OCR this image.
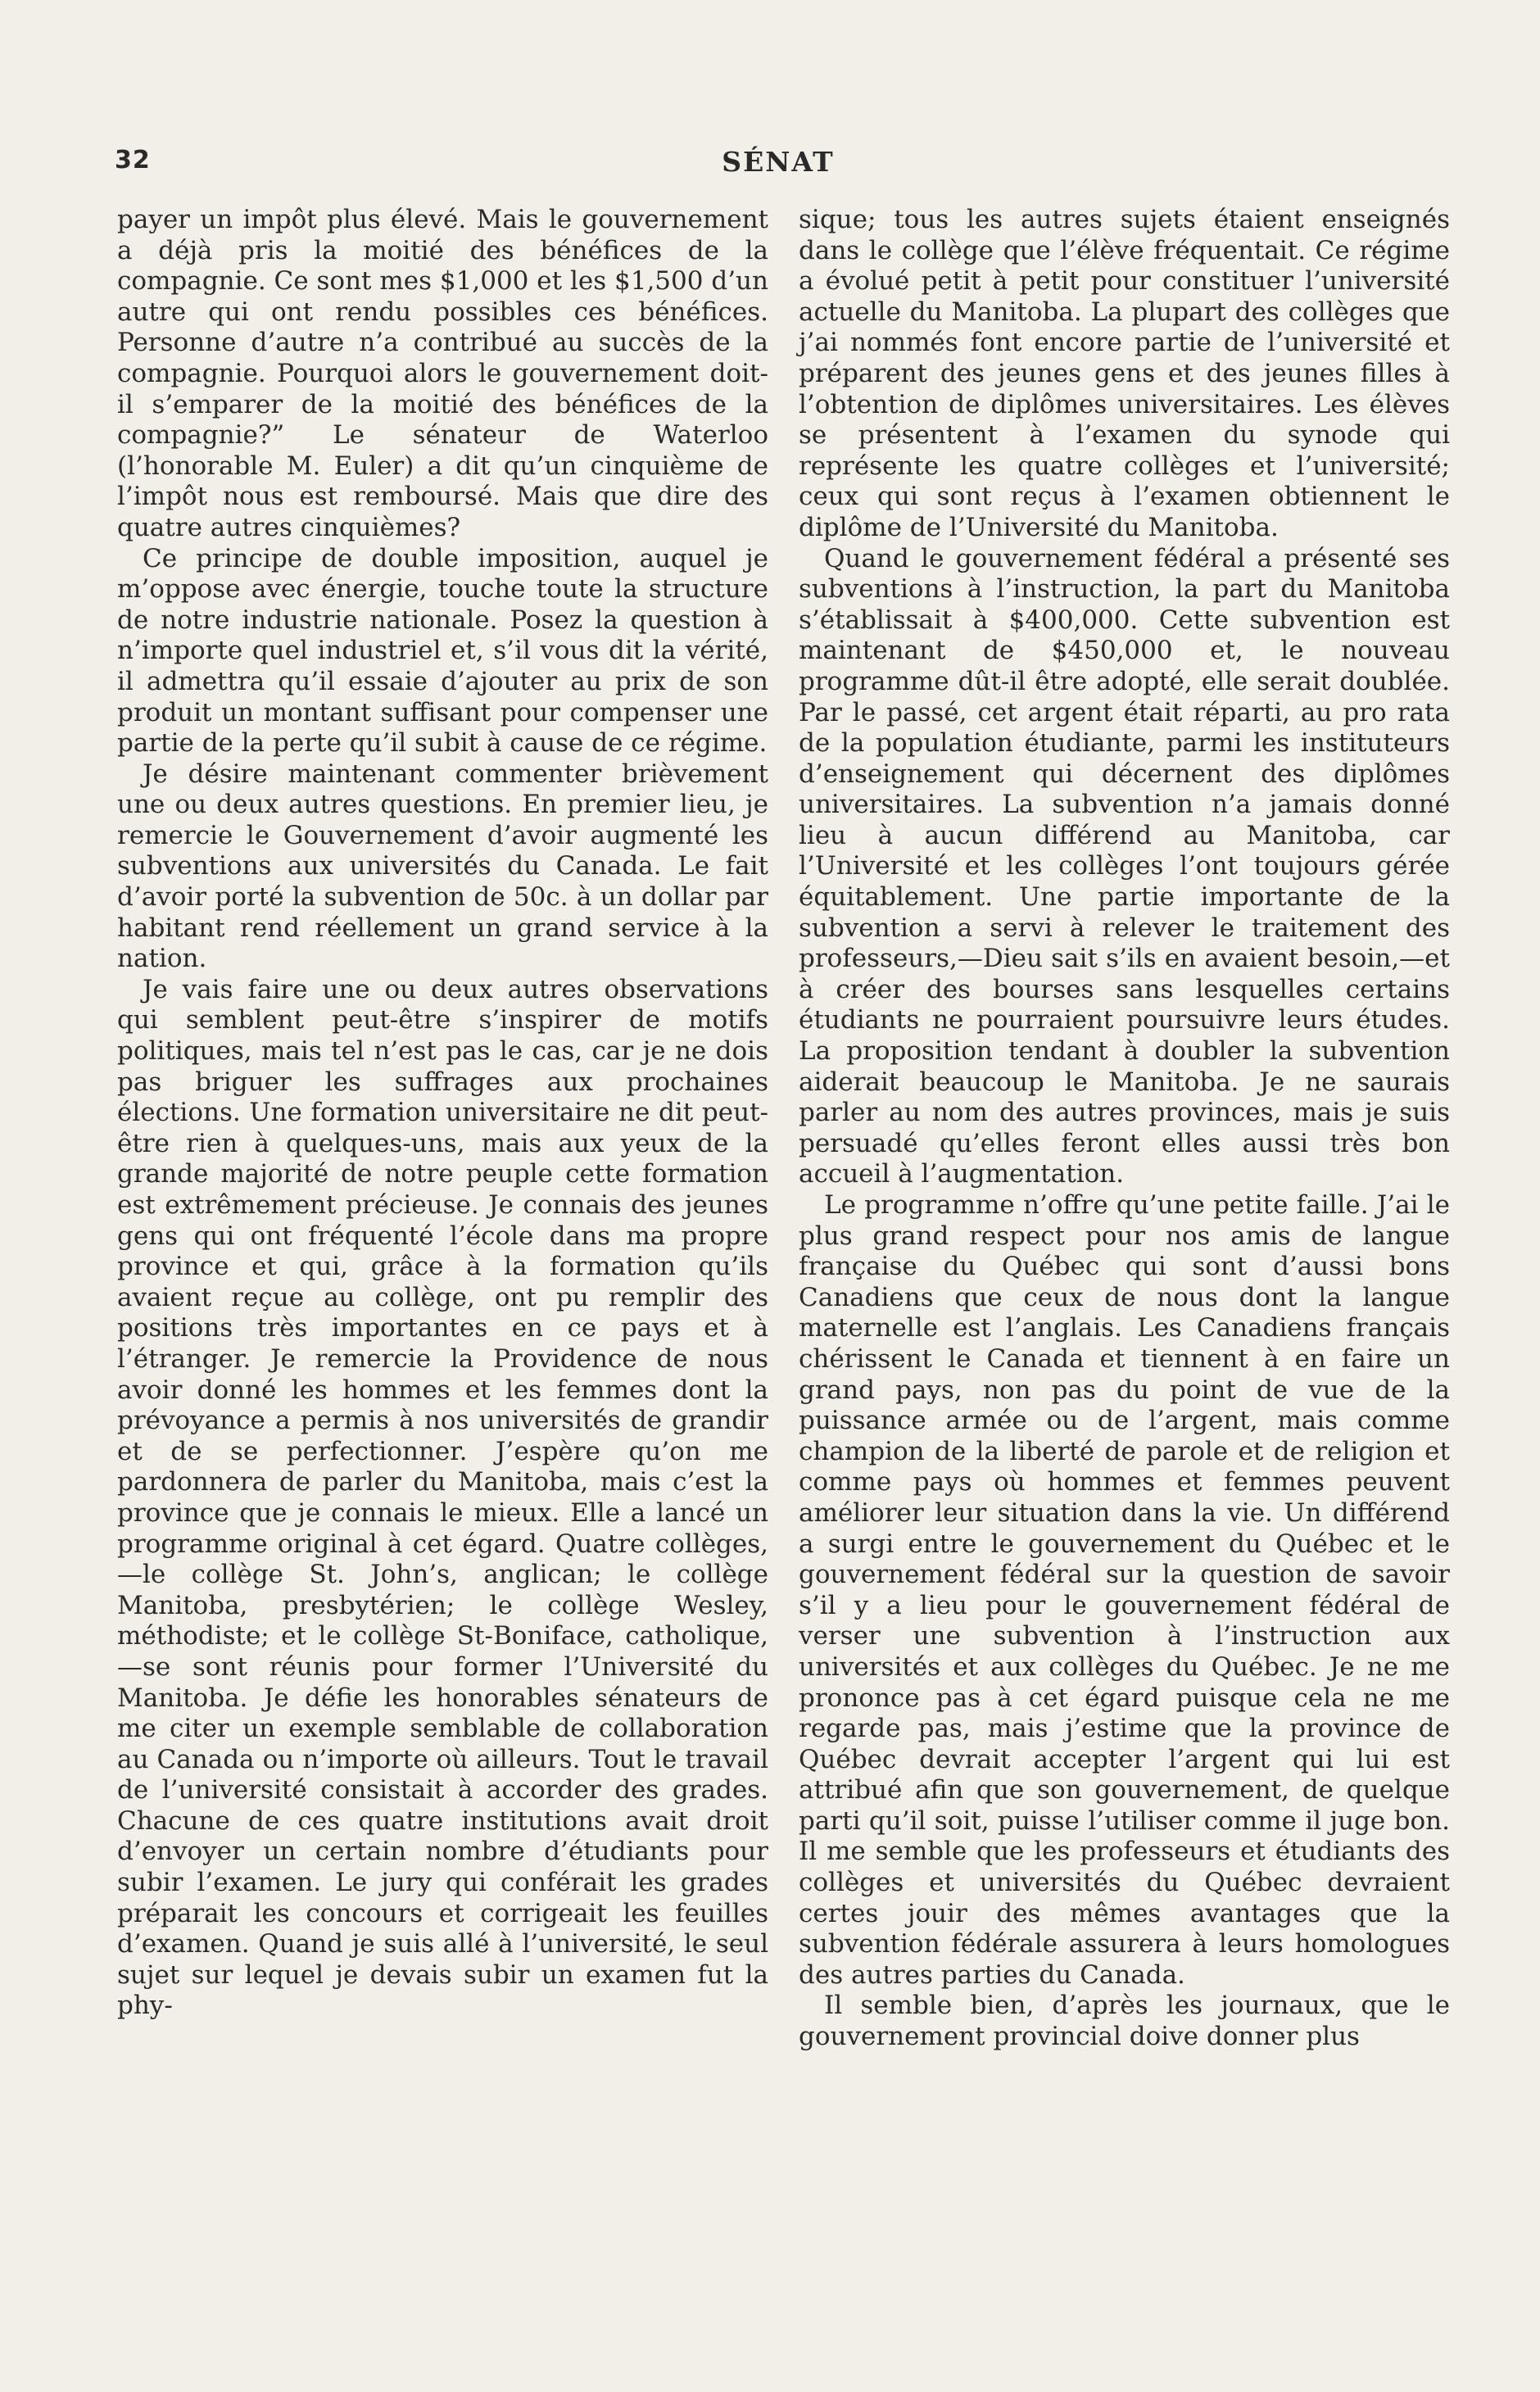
32	SÉNAT

payer un impôt plus élevé. Mais le gouvernement a déjà pris la moitié des bénéfices de la compagnie. Ce sont mes $1,000 et les $1,500 d’un autre qui ont rendu possibles ces bénéfices. Personne d’autre n’a contribué au succès de la compagnie. Pourquoi alors le gouvernement doit-il s’emparer de la moitié des bénéfices de la compagnie?” Le sénateur de Waterloo (l’honorable M. Euler) a dit qu’un cinquième de l’impôt nous est remboursé. Mais que dire des quatre autres cinquièmes?

Ce principe de double imposition, auquel je m’oppose avec énergie, touche toute la structure de notre industrie nationale. Posez la question à n’importe quel industriel et, s’il vous dit la vérité, il admettra qu’il essaie d’ajouter au prix de son produit un montant suffisant pour compenser une partie de la perte qu’il subit à cause de ce régime.

Je désire maintenant commenter brièvement une ou deux autres questions. En premier lieu, je remercie le Gouvernement d’avoir augmenté les subventions aux universités du Canada. Le fait d’avoir porté la subvention de 50c. à un dollar par habitant rend réellement un grand service à la nation.

Je vais faire une ou deux autres observations qui semblent peut-être s’inspirer de motifs politiques, mais tel n’est pas le cas, car je ne dois pas briguer les suffrages aux prochaines élections. Une formation universitaire ne dit peut-être rien à quelques-uns, mais aux yeux de la grande majorité de notre peuple cette formation est extrêmement précieuse. Je connais des jeunes gens qui ont fréquenté l’école dans ma propre province et qui, grâce à la formation qu’ils avaient reçue au collège, ont pu remplir des positions très importantes en ce pays et à l’étranger. Je remercie la Providence de nous avoir donné les hommes et les femmes dont la prévoyance a permis à nos universités de grandir et de se perfectionner. J’espère qu’on me pardonnera de parler du Manitoba, mais c’est la province que je connais le mieux. Elle a lancé un programme original à cet égard. Quatre collèges,—le collège St. John’s, anglican; le collège Manitoba, presbytérien; le collège Wesley, méthodiste; et le collège St-Boniface, catholique,—se sont réunis pour former l’Université du Manitoba. Je défie les honorables sénateurs de me citer un exemple semblable de collaboration au Canada ou n’importe où ailleurs. Tout le travail de l’université consistait à accorder des grades. Chacune de ces quatre institutions avait droit d’envoyer un certain nombre d’étudiants pour subir l’examen. Le jury qui conférait les grades préparait les concours et corrigeait les feuilles d’examen. Quand je suis allé à l’université, le seul sujet sur lequel je devais subir un examen fut la phy-

sique; tous les autres sujets étaient enseignés dans le collège que l’élève fréquentait. Ce régime a évolué petit à petit pour constituer l’université actuelle du Manitoba. La plupart des collèges que j’ai nommés font encore partie de l’université et préparent des jeunes gens et des jeunes filles à l’obtention de diplômes universitaires. Les élèves se présentent à l’examen du synode qui représente les quatre collèges et l’université; ceux qui sont reçus à l’examen obtiennent le diplôme de l’Université du Manitoba.

Quand le gouvernement fédéral a présenté ses subventions à l’instruction, la part du Manitoba s’établissait à $400,000. Cette subvention est maintenant de $450,000 et, le nouveau programme dût-il être adopté, elle serait doublée. Par le passé, cet argent était réparti, au pro rata de la population étudiante, parmi les instituteurs d’enseignement qui décernent des diplômes universitaires. La subvention n’a jamais donné lieu à aucun différend au Manitoba, car l’Université et les collèges l’ont toujours gérée équitablement. Une partie importante de la subvention a servi à relever le traitement des professeurs,—Dieu sait s’ils en avaient besoin,—et à créer des bourses sans lesquelles certains étudiants ne pourraient poursuivre leurs études. La proposition tendant à doubler la subvention aiderait beaucoup le Manitoba. Je ne saurais parler au nom des autres provinces, mais je suis persuadé qu’elles feront elles aussi très bon accueil à l’augmentation.

Le programme n’offre qu’une petite faille. J’ai le plus grand respect pour nos amis de langue française du Québec qui sont d’aussi bons Canadiens que ceux de nous dont la langue maternelle est l’anglais. Les Canadiens français chérissent le Canada et tiennent à en faire un grand pays, non pas du point de vue de la puissance armée ou de l’argent, mais comme champion de la liberté de parole et de religion et comme pays où hommes et femmes peuvent améliorer leur situation dans la vie. Un différend a surgi entre le gouvernement du Québec et le gouvernement fédéral sur la question de savoir s’il y a lieu pour le gouvernement fédéral de verser une subvention à l’instruction aux universités et aux collèges du Québec. Je ne me prononce pas à cet égard puisque cela ne me regarde pas, mais j’estime que la province de Québec devrait accepter l’argent qui lui est attribué afin que son gouvernement, de quelque parti qu’il soit, puisse l’utiliser comme il juge bon. Il me semble que les professeurs et étudiants des collèges et universités du Québec devraient certes jouir des mêmes avantages que la subvention fédérale assurera à leurs homologues des autres parties du Canada.

Il semble bien, d’après les journaux, que le gouvernement provincial doive donner plus
